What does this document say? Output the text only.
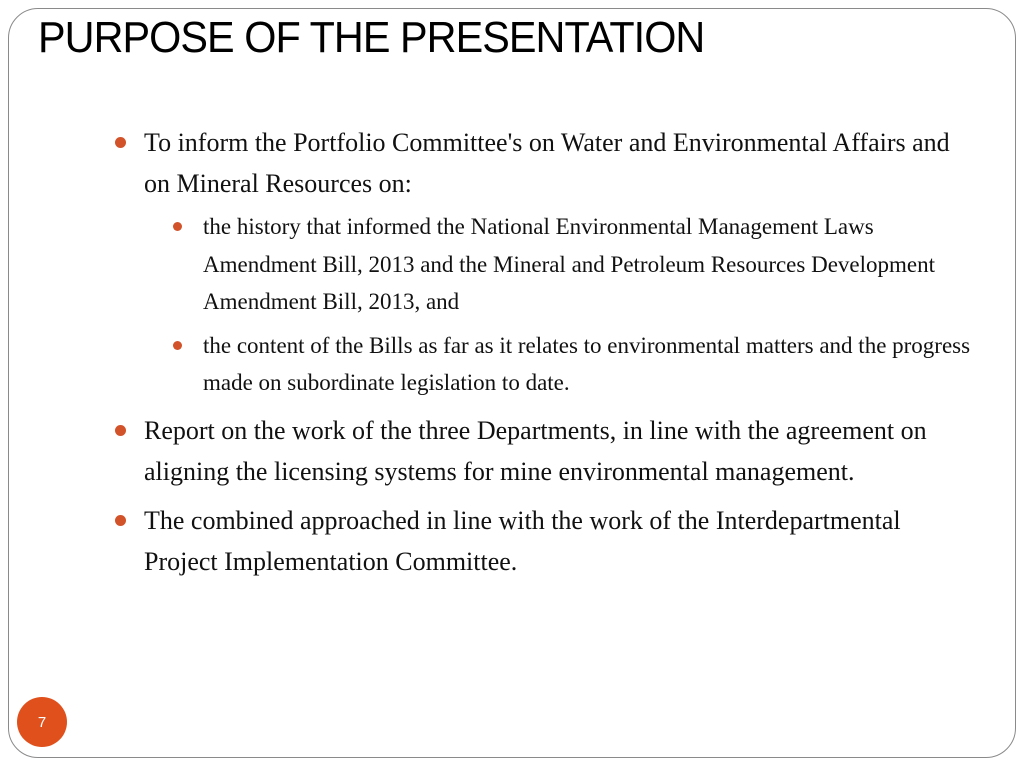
PURPOSE OF THE PRESENTATION
To inform the Portfolio Committee's on Water and Environmental Affairs and on Mineral Resources on:
the history that informed the National Environmental Management Laws Amendment Bill, 2013 and the Mineral and Petroleum Resources Development Amendment Bill, 2013, and
the content of the Bills as far as it relates to environmental matters and the progress made on subordinate legislation to date.
Report on the work of the three Departments, in line with the agreement on aligning the licensing systems for mine environmental management.
The combined approached in line with the work of the Interdepartmental Project Implementation Committee.
7
